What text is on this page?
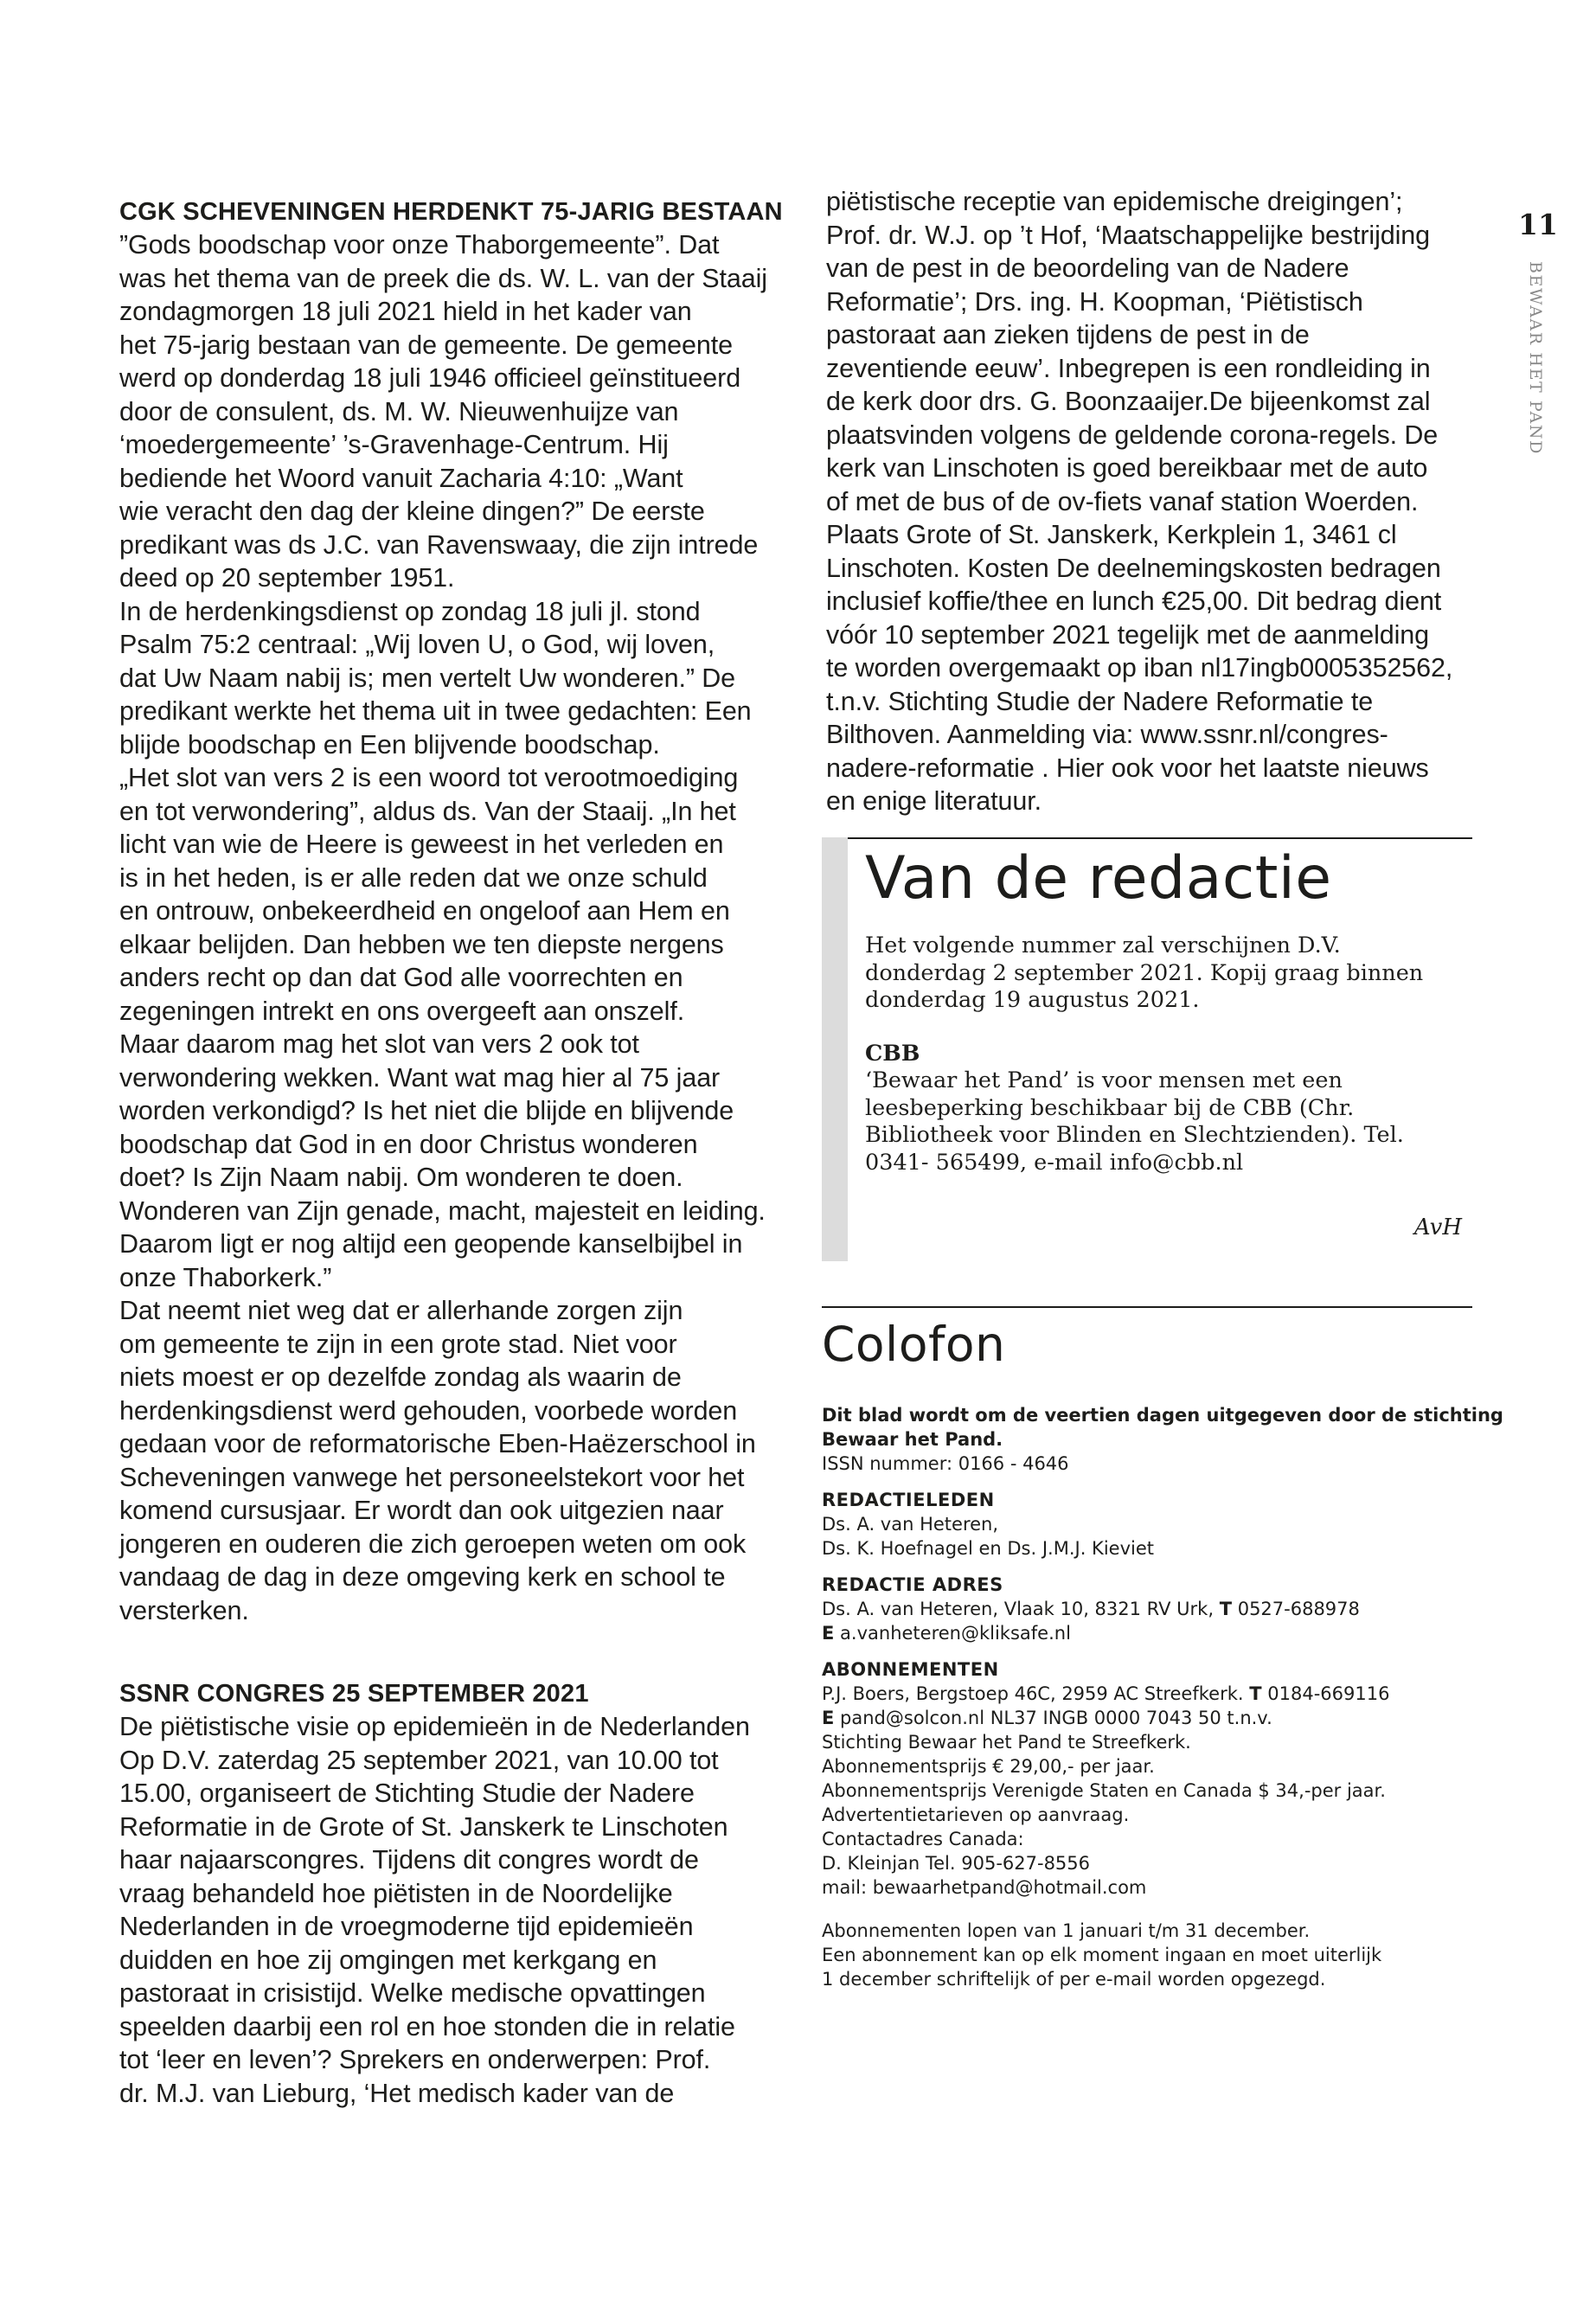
11
BEWAAR HET PAND
CGK SCHEVENINGEN HERDENKT 75-JARIG BESTAAN
”Gods boodschap voor onze Thaborgemeente”. Dat
was het thema van de preek die ds. W. L. van der Staaij
zondagmorgen 18 juli 2021 hield in het kader van
het 75-jarig bestaan van de gemeente. De gemeente
werd op donderdag 18 juli 1946 officieel geïnstitueerd
door de consulent, ds. M. W. Nieuwenhuijze van
‘moedergemeente’ ’s-Gravenhage-Centrum. Hij
bediende het Woord vanuit Zacharia 4:10: „Want
wie veracht den dag der kleine dingen?” De eerste
predikant was ds J.C. van Ravenswaay, die zijn intrede
deed op 20 september 1951.
In de herdenkingsdienst op zondag 18 juli jl. stond
Psalm 75:2 centraal: „Wij loven U, o God, wij loven,
dat Uw Naam nabij is; men vertelt Uw wonderen.” De
predikant werkte het thema uit in twee gedachten: Een
blijde boodschap en Een blijvende boodschap.
„Het slot van vers 2 is een woord tot verootmoediging
en tot verwondering”, aldus ds. Van der Staaij. „In het
licht van wie de Heere is geweest in het verleden en
is in het heden, is er alle reden dat we onze schuld
en ontrouw, onbekeerdheid en ongeloof aan Hem en
elkaar belijden. Dan hebben we ten diepste nergens
anders recht op dan dat God alle voorrechten en
zegeningen intrekt en ons overgeeft aan onszelf.
Maar daarom mag het slot van vers 2 ook tot
verwondering wekken. Want wat mag hier al 75 jaar
worden verkondigd? Is het niet die blijde en blijvende
boodschap dat God in en door Christus wonderen
doet? Is Zijn Naam nabij. Om wonderen te doen.
Wonderen van Zijn genade, macht, majesteit en leiding.
Daarom ligt er nog altijd een geopende kanselbijbel in
onze Thaborkerk.”
Dat neemt niet weg dat er allerhande zorgen zijn
om gemeente te zijn in een grote stad. Niet voor
niets moest er op dezelfde zondag als waarin de
herdenkingsdienst werd gehouden, voorbede worden
gedaan voor de reformatorische Eben-Haëzerschool in
Scheveningen vanwege het personeelstekort voor het
komend cursusjaar. Er wordt dan ook uitgezien naar
jongeren en ouderen die zich geroepen weten om ook
vandaag de dag in deze omgeving kerk en school te
versterken.
SSNR CONGRES 25 SEPTEMBER 2021
De piëtistische visie op epidemieën in de Nederlanden
Op D.V. zaterdag 25 september 2021, van 10.00 tot
15.00, organiseert de Stichting Studie der Nadere
Reformatie in de Grote of St. Janskerk te Linschoten
haar najaarscongres. Tijdens dit congres wordt de
vraag behandeld hoe piëtisten in de Noordelijke
Nederlanden in de vroegmoderne tijd epidemieën
duidden en hoe zij omgingen met kerkgang en
pastoraat in crisistijd. Welke medische opvattingen
speelden daarbij een rol en hoe stonden die in relatie
tot ‘leer en leven’? Sprekers en onderwerpen: Prof.
dr. M.J. van Lieburg, ‘Het medisch kader van de
piëtistische receptie van epidemische dreigingen’;
Prof. dr. W.J. op ’t Hof, ‘Maatschappelijke bestrijding
van de pest in de beoordeling van de Nadere
Reformatie’; Drs. ing. H. Koopman, ‘Piëtistisch
pastoraat aan zieken tijdens de pest in de
zeventiende eeuw’. Inbegrepen is een rondleiding in
de kerk door drs. G. Boonzaaijer.De bijeenkomst zal
plaatsvinden volgens de geldende corona-regels. De
kerk van Linschoten is goed bereikbaar met de auto
of met de bus of de ov-fiets vanaf station Woerden.
Plaats Grote of St. Janskerk, Kerkplein 1, 3461 cl
Linschoten. Kosten De deelnemingskosten bedragen
inclusief koffie/thee en lunch €25,00. Dit bedrag dient
vóór 10 september 2021 tegelijk met de aanmelding
te worden overgemaakt op iban nl17ingb0005352562,
t.n.v. Stichting Studie der Nadere Reformatie te
Bilthoven. Aanmelding via: www.ssnr.nl/congres-
nadere-reformatie . Hier ook voor het laatste nieuws
en enige literatuur.
Van de redactie
Het volgende nummer zal verschijnen D.V.
donderdag 2 september 2021. Kopij graag binnen
donderdag 19 augustus 2021.
CBB
‘Bewaar het Pand’ is voor mensen met een
leesbeperking beschikbaar bij de CBB (Chr.
Bibliotheek voor Blinden en Slechtzienden). Tel.
0341- 565499, e-mail info@cbb.nl
AvH
Colofon
Dit blad wordt om de veertien dagen uitgegeven door de stichting
Bewaar het Pand.
ISSN nummer: 0166 - 4646
REDACTIELEDEN
Ds. A. van Heteren,
Ds. K. Hoefnagel en Ds. J.M.J. Kieviet
REDACTIE ADRES
Ds. A. van Heteren, Vlaak 10, 8321 RV Urk, T 0527-688978
E a.vanheteren@kliksafe.nl
ABONNEMENTEN
P.J. Boers, Bergstoep 46C, 2959 AC Streefkerk. T 0184-669116
E pand@solcon.nl NL37 INGB 0000 7043 50 t.n.v.
Stichting Bewaar het Pand te Streefkerk.
Abonnementsprijs € 29,00,- per jaar.
Abonnementsprijs Verenigde Staten en Canada $ 34,-per jaar.
Advertentietarieven op aanvraag.
Contactadres Canada:
D. Kleinjan Tel. 905-627-8556
mail: bewaarhetpand@hotmail.com
Abonnementen lopen van 1 januari t/m 31 december.
Een abonnement kan op elk moment ingaan en moet uiterlijk
1 december schriftelijk of per e-mail worden opgezegd.
